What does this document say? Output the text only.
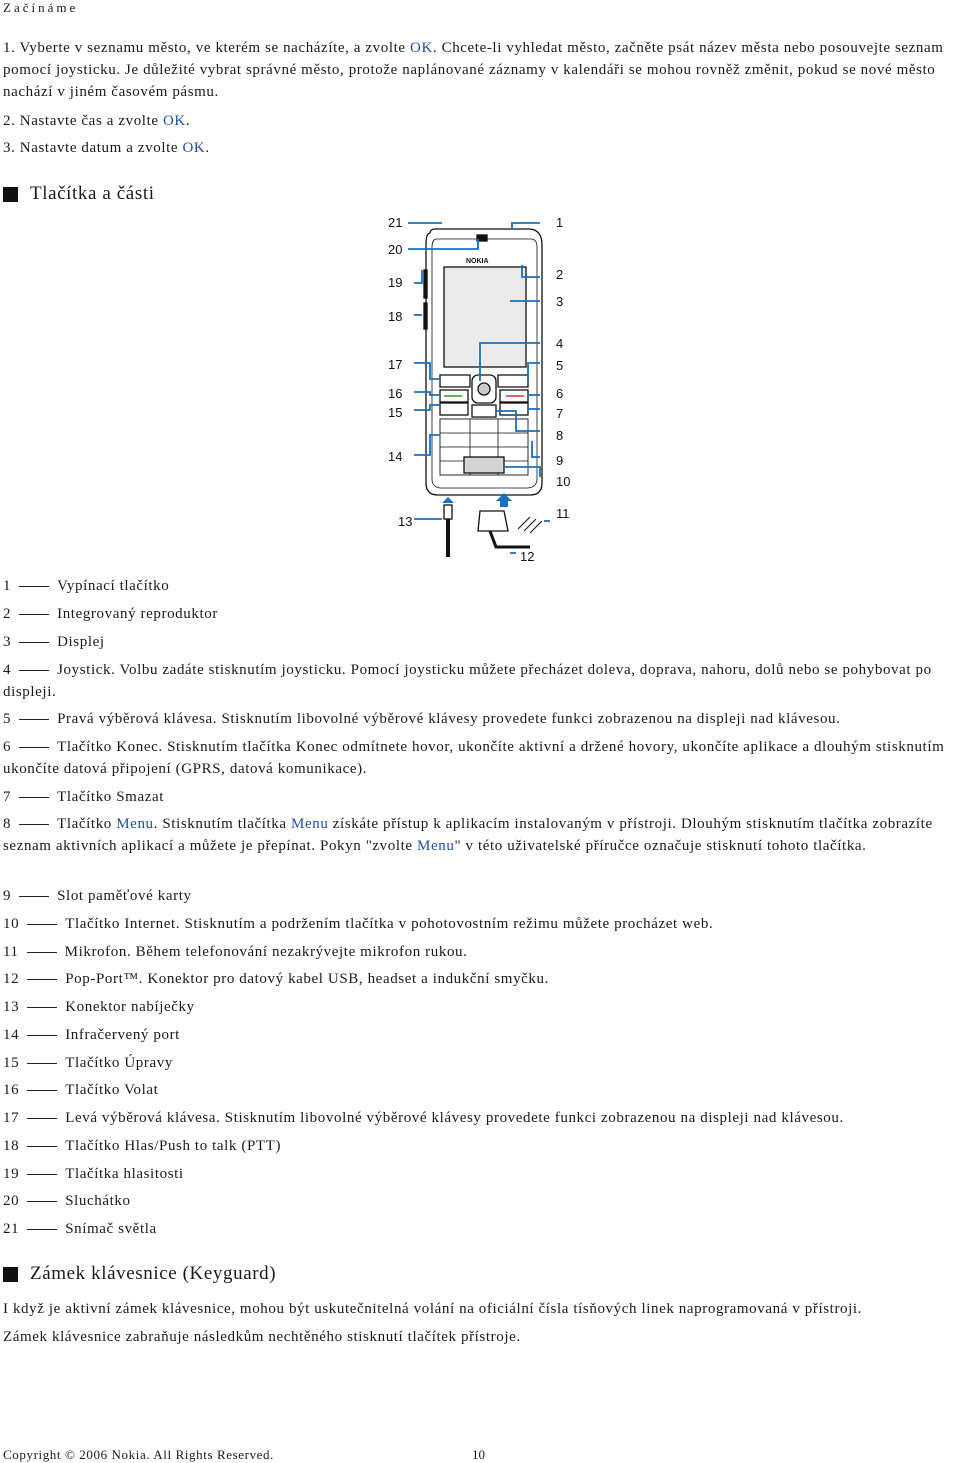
Začínáme

1. Vyberte v seznamu město, ve kterém se nacházíte, a zvolte OK. Chcete-li vyhledat město, začněte psát název města nebo posouvejte seznam pomocí joysticku. Je důležité vybrat správné město, protože naplánované záznamy v kalendáři se mohou rovněž změnit, pokud se nové město nachází v jiném časovém pásmu.

2. Nastavte čas a zvolte OK.

3. Nastavte datum a zvolte OK.

Tlačítka a části
NOKIA
21
20
19
18
17
16
15
14
13
1
2
3
4
5
6
7
8
9
10
11
12

1	Vypínací tlačítko

2	Integrovaný reproduktor

3	Displej

4	Joystick. Volbu zadáte stisknutím joysticku. Pomocí joysticku můžete přecházet doleva, doprava, nahoru, dolů nebo se pohybovat po displeji.

5	Pravá výběrová klávesa. Stisknutím libovolné výběrové klávesy provedete funkci zobrazenou na displeji nad klávesou.

6	Tlačítko Konec. Stisknutím tlačítka Konec odmítnete hovor, ukončíte aktivní a držené hovory, ukončíte aplikace a dlouhým stisknutím ukončíte datová připojení (GPRS, datová komunikace).

7	Tlačítko Smazat

8	Tlačítko Menu. Stisknutím tlačítka Menu získáte přístup k aplikacím instalovaným v přístroji. Dlouhým stisknutím tlačítka zobrazíte seznam aktivních aplikací a můžete je přepínat. Pokyn "zvolte Menu" v této uživatelské příručce označuje stisknutí tohoto tlačítka.

9	Slot paměťové karty

10	Tlačítko Internet. Stisknutím a podržením tlačítka v pohotovostním režimu můžete procházet web.

11	Mikrofon. Během telefonování nezakrývejte mikrofon rukou.

12	Pop-Port™. Konektor pro datový kabel USB, headset a indukční smyčku.

13	Konektor nabíječky

14	Infračervený port

15	Tlačítko Úpravy

16	Tlačítko Volat

17	Levá výběrová klávesa. Stisknutím libovolné výběrové klávesy provedete funkci zobrazenou na displeji nad klávesou.

18	Tlačítko Hlas/Push to talk (PTT)

19	Tlačítka hlasitosti

20	Sluchátko

21	Snímač světla

Zámek klávesnice (Keyguard)

I když je aktivní zámek klávesnice, mohou být uskutečnitelná volání na oficiální čísla tísňových linek naprogramovaná v přístroji.

Zámek klávesnice zabraňuje následkům nechtěného stisknutí tlačítek přístroje.

Copyright © 2006 Nokia. All Rights Reserved.	10
